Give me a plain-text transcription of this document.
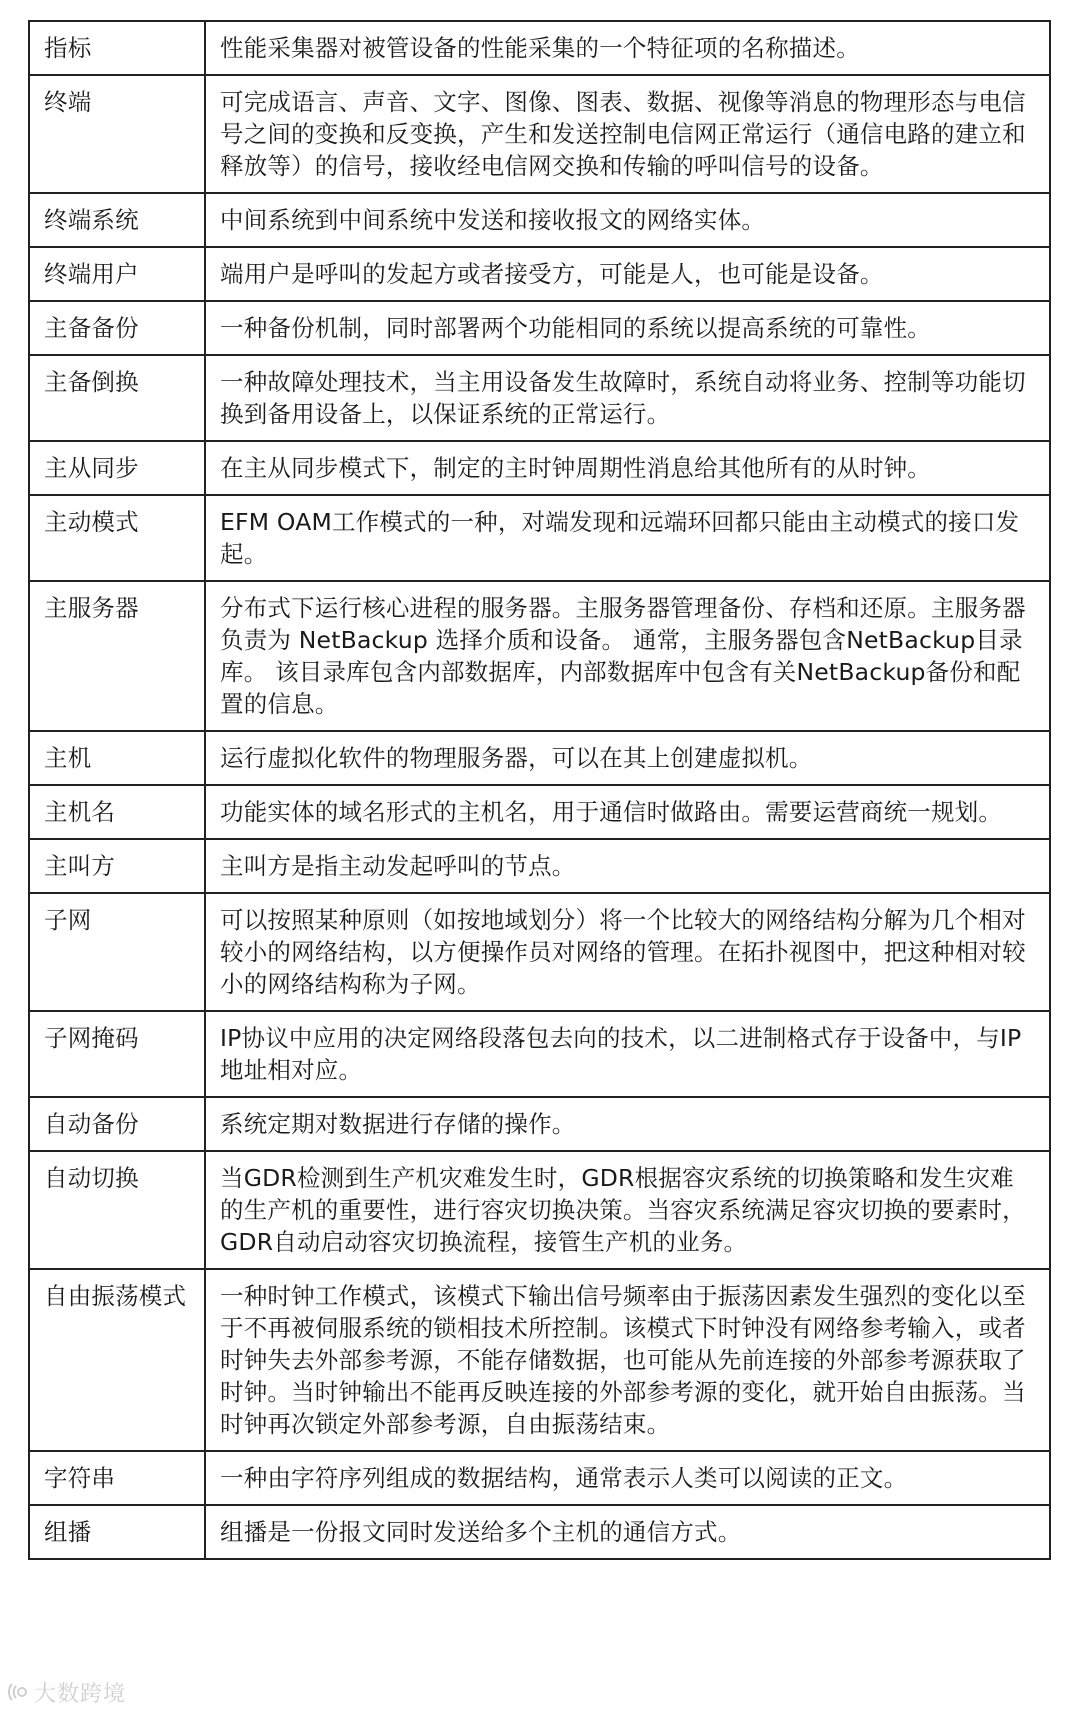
指标	性能采集器对被管设备的性能采集的一个特征项的名称描述。
终端	可完成语言、声音、文字、图像、图表、数据、视像等消息的物理形态与电信号之间的变换和反变换，产生和发送控制电信网正常运行（通信电路的建立和释放等）的信号，接收经电信网交换和传输的呼叫信号的设备。
终端系统	中间系统到中间系统中发送和接收报文的网络实体。
终端用户	端用户是呼叫的发起方或者接受方，可能是人，也可能是设备。
主备备份	一种备份机制，同时部署两个功能相同的系统以提高系统的可靠性。
主备倒换	一种故障处理技术，当主用设备发生故障时，系统自动将业务、控制等功能切换到备用设备上，以保证系统的正常运行。
主从同步	在主从同步模式下，制定的主时钟周期性消息给其他所有的从时钟。
主动模式	EFM OAM工作模式的一种，对端发现和远端环回都只能由主动模式的接口发起。
主服务器	分布式下运行核心进程的服务器。主服务器管理备份、存档和还原。主服务器负责为 NetBackup 选择介质和设备。 通常，主服务器包含NetBackup目录库。 该目录库包含内部数据库，内部数据库中包含有关NetBackup备份和配置的信息。
主机	运行虚拟化软件的物理服务器，可以在其上创建虚拟机。
主机名	功能实体的域名形式的主机名，用于通信时做路由。需要运营商统一规划。
主叫方	主叫方是指主动发起呼叫的节点。
子网	可以按照某种原则（如按地域划分）将一个比较大的网络结构分解为几个相对较小的网络结构，以方便操作员对网络的管理。在拓扑视图中，把这种相对较小的网络结构称为子网。
子网掩码	IP协议中应用的决定网络段落包去向的技术，以二进制格式存于设备中，与IP地址相对应。
自动备份	系统定期对数据进行存储的操作。
自动切换	当GDR检测到生产机灾难发生时，GDR根据容灾系统的切换策略和发生灾难的生产机的重要性，进行容灾切换决策。当容灾系统满足容灾切换的要素时，GDR自动启动容灾切换流程，接管生产机的业务。
自由振荡模式	一种时钟工作模式，该模式下输出信号频率由于振荡因素发生强烈的变化以至于不再被伺服系统的锁相技术所控制。该模式下时钟没有网络参考输入，或者时钟失去外部参考源，不能存储数据，也可能从先前连接的外部参考源获取了时钟。当时钟输出不能再反映连接的外部参考源的变化，就开始自由振荡。当时钟再次锁定外部参考源，自由振荡结束。
字符串	一种由字符序列组成的数据结构，通常表示人类可以阅读的正文。
组播	组播是一份报文同时发送给多个主机的通信方式。
大数跨境
